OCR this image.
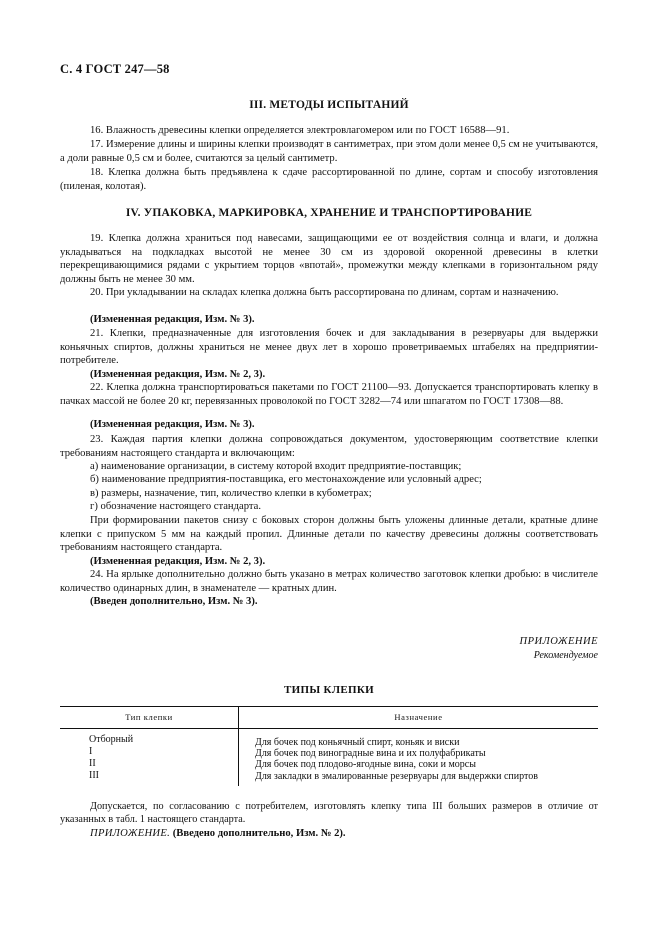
С. 4 ГОСТ 247—58
III. МЕТОДЫ ИСПЫТАНИЙ
16. Влажность древесины клепки определяется электровлагомером или по ГОСТ 16588—91.
17. Измерение длины и ширины клепки производят в сантиметрах, при этом доли менее 0,5 см не учитываются, а доли равные 0,5 см и более, считаются за целый сантиметр.
18. Клепка должна быть предъявлена к сдаче рассортированной по длине, сортам и способу изготовления (пиленая, колотая).
IV. УПАКОВКА, МАРКИРОВКА, ХРАНЕНИЕ И ТРАНСПОРТИРОВАНИЕ
19. Клепка должна храниться под навесами, защищающими ее от воздействия солнца и влаги, и должна укладываться на подкладках высотой не менее 30 см из здоровой окоренной древесины в клетки перекрещивающимися рядами с укрытием торцов «впотай», промежутки между клепками в горизонтальном ряду должны быть не менее 30 мм.
20. При укладывании на складах клепка должна быть рассортирована по длинам, сортам и назначению.
(Измененная редакция, Изм. № 3).
21. Клепки, предназначенные для изготовления бочек и для закладывания в резервуары для выдержки коньячных спиртов, должны храниться не менее двух лет в хорошо проветриваемых штабелях на предприятии-потребителе.
(Измененная редакция, Изм. № 2, 3).
22. Клепка должна транспортироваться пакетами по ГОСТ 21100—93. Допускается транспортировать клепку в пачках массой не более 20 кг, перевязанных проволокой по ГОСТ 3282—74 или шпагатом по ГОСТ 17308—88.
(Измененная редакция, Изм. № 3).
23. Каждая партия клепки должна сопровождаться документом, удостоверяющим соответствие клепки требованиям настоящего стандарта и включающим:
а) наименование организации, в систему которой входит предприятие-поставщик;
б) наименование предприятия-поставщика, его местонахождение или условный адрес;
в) размеры, назначение, тип, количество клепки в кубометрах;
г) обозначение настоящего стандарта.
При формировании пакетов снизу с боковых сторон должны быть уложены длинные детали, кратные длине клепки с припуском 5 мм на каждый пропил. Длинные детали по качеству древесины должны соответствовать требованиям настоящего стандарта.
(Измененная редакция, Изм. № 2, 3).
24. На ярлыке дополнительно должно быть указано в метрах количество заготовок клепки дробью: в числителе количество одинарных длин, в знаменателе — кратных длин.
(Введен дополнительно, Изм. № 3).
ПРИЛОЖЕНИЕ
Рекомендуемое
ТИПЫ КЛЕПКИ
Тип клепки	Назначение
Отборный	Для бочек под коньячный спирт, коньяк и виски
I	Для бочек под виноградные вина и их полуфабрикаты
II	Для бочек под плодово-ягодные вина, соки и морсы
III	Для закладки в эмалированные резервуары для выдержки спиртов
Допускается, по согласованию с потребителем, изготовлять клепку типа III больших размеров в отличие от указанных в табл. 1 настоящего стандарта.
ПРИЛОЖЕНИЕ. (Введено дополнительно, Изм. № 2).
